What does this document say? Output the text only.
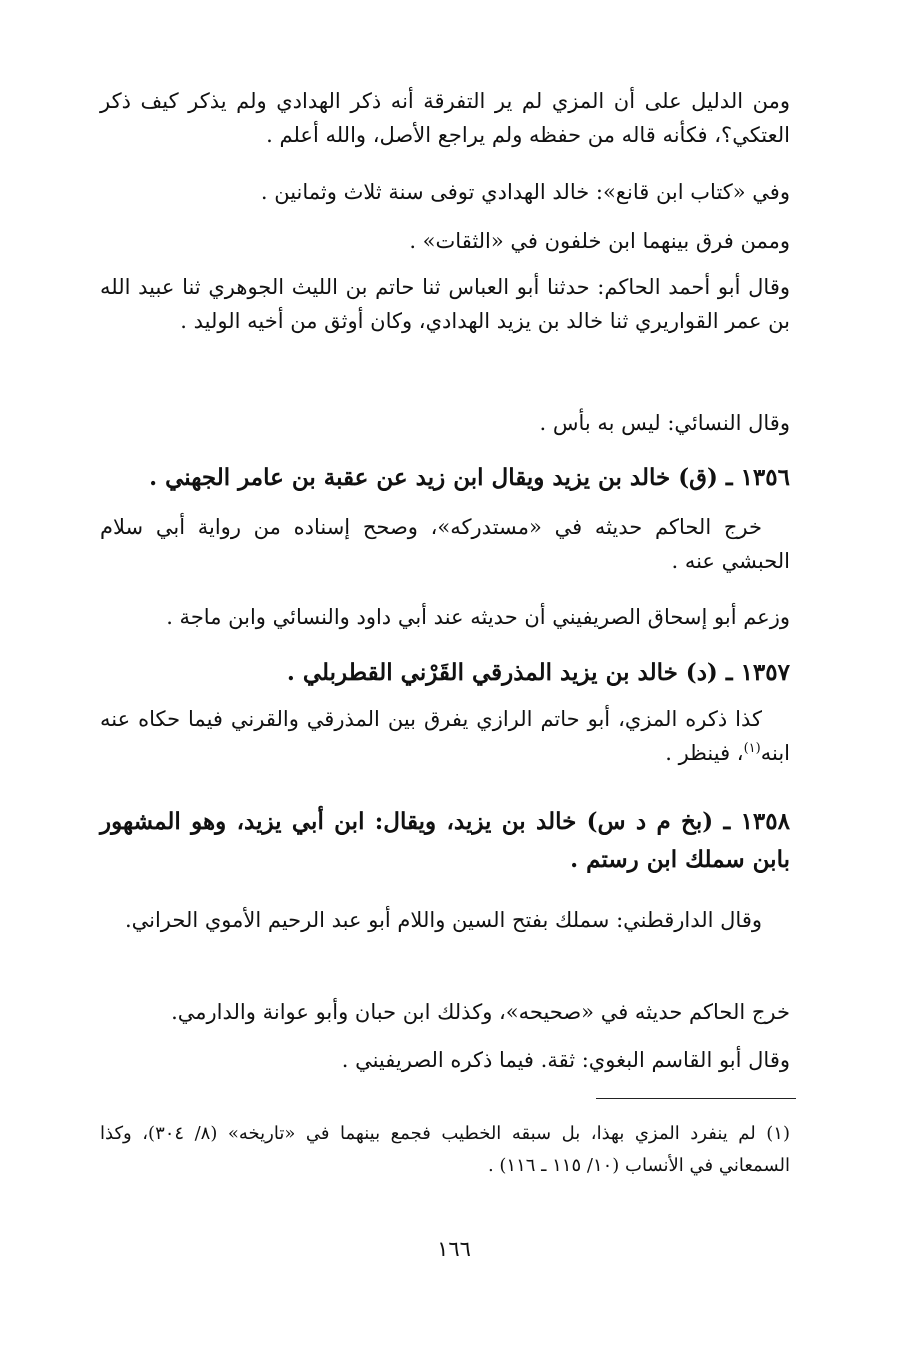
ومن الدليل على أن المزي لم ير التفرقة أنه ذكر الهدادي ولم يذكر كيف ذكر العتكي؟، فكأنه قاله من حفظه ولم يراجع الأصل، والله أعلم .
وفي «كتاب ابن قانع»: خالد الهدادي توفى سنة ثلاث وثمانين .
وممن فرق بينهما ابن خلفون في «الثقات» .
وقال أبو أحمد الحاكم: حدثنا أبو العباس ثنا حاتم بن الليث الجوهري ثنا عبيد الله بن عمر القواريري ثنا خالد بن يزيد الهدادي، وكان أوثق من أخيه الوليد .
وقال النسائي: ليس به بأس .
١٣٥٦ ـ (ق) خالد بن يزيد ويقال ابن زيد عن عقبة بن عامر الجهني .
خرج الحاكم حديثه في «مستدركه»، وصحح إسناده من رواية أبي سلام الحبشي عنه .
وزعم أبو إسحاق الصريفيني أن حديثه عند أبي داود والنسائي وابن ماجة .
١٣٥٧ ـ (د) خالد بن يزيد المذرقي القَرْني القطربلي .
كذا ذكره المزي، أبو حاتم الرازي يفرق بين المذرقي والقرني فيما حكاه عنه ابنه$^{(١)}$، فينظر .
١٣٥٨ ـ (بخ م د س) خالد بن يزيد، ويقال: ابن أبي يزيد، وهو المشهور بابن سملك ابن رستم .
وقال الدارقطني: سملك بفتح السين واللام أبو عبد الرحيم الأموي الحراني.
خرج الحاكم حديثه في «صحيحه»، وكذلك ابن حبان وأبو عوانة والدارمي.
وقال أبو القاسم البغوي: ثقة. فيما ذكره الصريفيني .
(١) لم ينفرد المزي بهذا، بل سبقه الخطيب فجمع بينهما في «تاريخه» (٨/ ٣٠٤)، وكذا السمعاني في الأنساب (١٠/ ١١٥ ـ ١١٦) .
١٦٦
